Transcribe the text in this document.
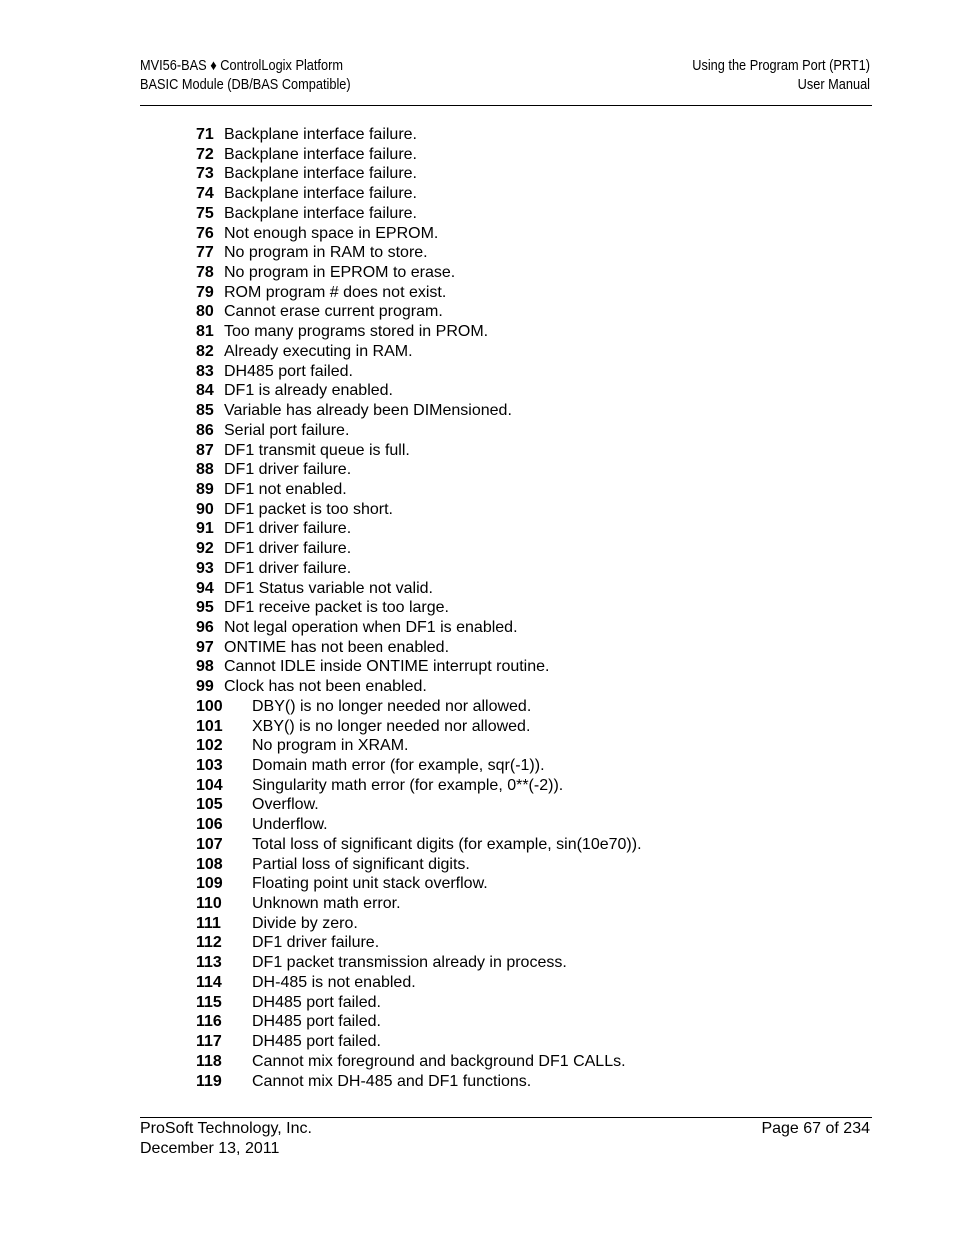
MVI56-BAS ♦ ControlLogix Platform
BASIC Module (DB/BAS Compatible)
Using the Program Port (PRT1)
User Manual
71 Backplane interface failure.
72 Backplane interface failure.
73 Backplane interface failure.
74 Backplane interface failure.
75 Backplane interface failure.
76 Not enough space in EPROM.
77 No program in RAM to store.
78 No program in EPROM to erase.
79 ROM program # does not exist.
80 Cannot erase current program.
81 Too many programs stored in PROM.
82 Already executing in RAM.
83 DH485 port failed.
84 DF1 is already enabled.
85 Variable has already been DIMensioned.
86 Serial port failure.
87 DF1 transmit queue is full.
88 DF1 driver failure.
89 DF1 not enabled.
90 DF1 packet is too short.
91 DF1 driver failure.
92 DF1 driver failure.
93 DF1 driver failure.
94 DF1 Status variable not valid.
95 DF1 receive packet is too large.
96 Not legal operation when DF1 is enabled.
97 ONTIME has not been enabled.
98 Cannot IDLE inside ONTIME interrupt routine.
99 Clock has not been enabled.
100 DBY() is no longer needed nor allowed.
101 XBY() is no longer needed nor allowed.
102 No program in XRAM.
103 Domain math error (for example, sqr(-1)).
104 Singularity math error (for example, 0**(-2)).
105 Overflow.
106 Underflow.
107 Total loss of significant digits (for example, sin(10e70)).
108 Partial loss of significant digits.
109 Floating point unit stack overflow.
110 Unknown math error.
111 Divide by zero.
112 DF1 driver failure.
113 DF1 packet transmission already in process.
114 DH-485 is not enabled.
115 DH485 port failed.
116 DH485 port failed.
117 DH485 port failed.
118 Cannot mix foreground and background DF1 CALLs.
119 Cannot mix DH-485 and DF1 functions.
ProSoft Technology, Inc.
December 13, 2011
Page 67 of 234
